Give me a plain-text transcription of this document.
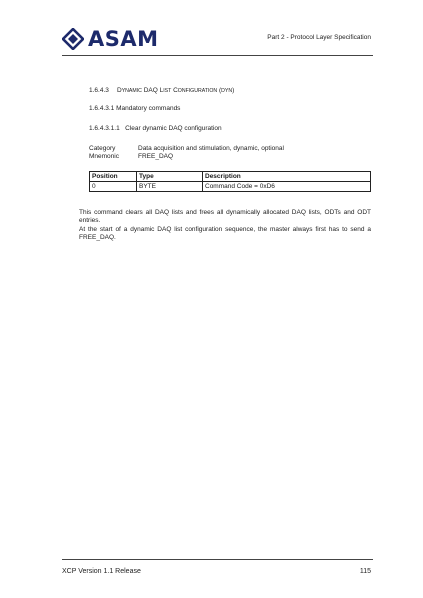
ASAM	Part 2 - Protocol Layer Specification
1.6.4.3 DYNAMIC DAQ LIST CONFIGURATION (DYN)
1.6.4.3.1 Mandatory commands
1.6.4.3.1.1 Clear dynamic DAQ configuration
Category	Data acquisition and stimulation, dynamic, optional
Mnemonic	FREE_DAQ
Position	Type	Description
0	BYTE	Command Code = 0xD6
This command clears all DAQ lists and frees all dynamically allocated DAQ lists, ODTs and ODT entries.
At the start of a dynamic DAQ list configuration sequence, the master always first has to send a FREE_DAQ.
XCP Version 1.1 Release	115
